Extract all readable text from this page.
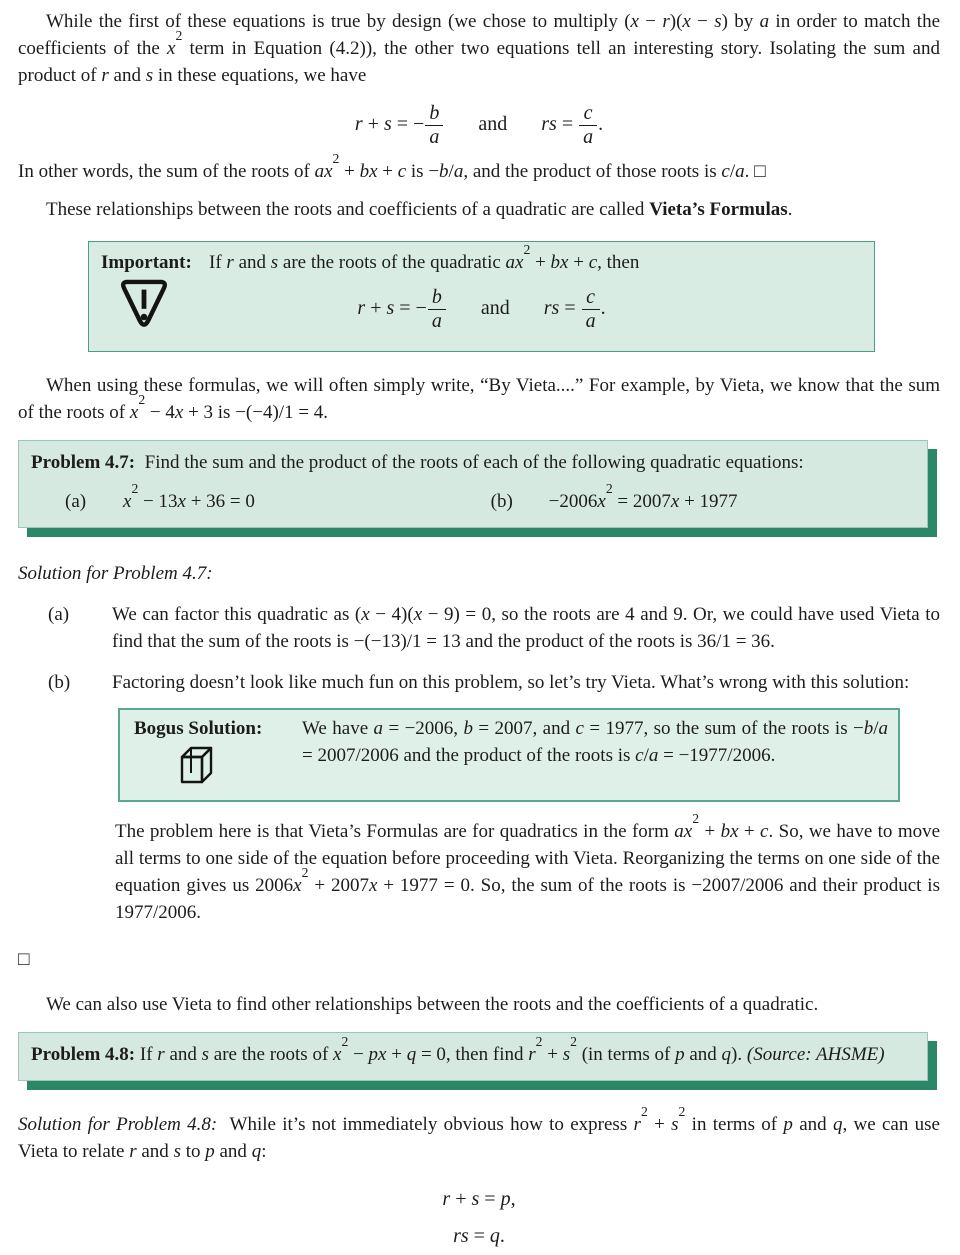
While the first of these equations is true by design (we chose to multiply (x − r)(x − s) by a in order to match the coefficients of the $x^2$ term in Equation (4.2)), the other two equations tell an interesting story. Isolating the sum and product of r and s in these equations, we have

r + s = − $\frac{b}{a}$ and rs = $\frac{c}{a}$ .

In other words, the sum of the roots of $ax^2$ + bx + c is −b/a, and the product of those roots is c/a. □

These relationships between the roots and coefficients of a quadratic are called Vieta’s Formulas.

Important: If r and s are the roots of the quadratic $ax^2$ + bx + c, then
r + s = − $\frac{b}{a}$ and rs = $\frac{c}{a}$ .

When using these formulas, we will often simply write, “By Vieta....” For example, by Vieta, we know that the sum of the roots of $x^2 - 4x + 3$ is −(−4)/1 = 4.

Problem 4.7: Find the sum and the product of the roots of each of the following quadratic equations:

(a)	$x^2 - 13x + 36 = 0$	(b)	$-2006x^2 = 2007x + 1977$

Solution for Problem 4.7:

(a)	We can factor this quadratic as (x − 4)(x − 9) = 0, so the roots are 4 and 9. Or, we could have used Vieta to find that the sum of the roots is −(−13)/1 = 13 and the product of the roots is 36/1 = 36.
(b)	Factoring doesn’t look like much fun on this problem, so let’s try Vieta. What’s wrong with this solution:
Bogus Solution:	We have a = −2006, b = 2007, and c = 1977, so the sum of the roots is −b/a = 2007/2006 and the product of the roots is c/a = −1977/2006.

The problem here is that Vieta’s Formulas are for quadratics in the form $ax^2$ + bx + c. So, we have to move all terms to one side of the equation before proceeding with Vieta. Reorganizing the terms on one side of the equation gives us $2006x^2 + 2007x + 1977 = 0$. So, the sum of the roots is −2007/2006 and their product is 1977/2006.

□

We can also use Vieta to find other relationships between the roots and the coefficients of a quadratic.

Problem 4.8: If r and s are the roots of $x^2$ − px + q = 0, then find $r^2 + s^2$ (in terms of p and q). (Source: AHSME)

Solution for Problem 4.8: While it’s not immediately obvious how to express $r^2 + s^2$ in terms of p and q, we can use Vieta to relate r and s to p and q:

r + s = p,
rs = q.
